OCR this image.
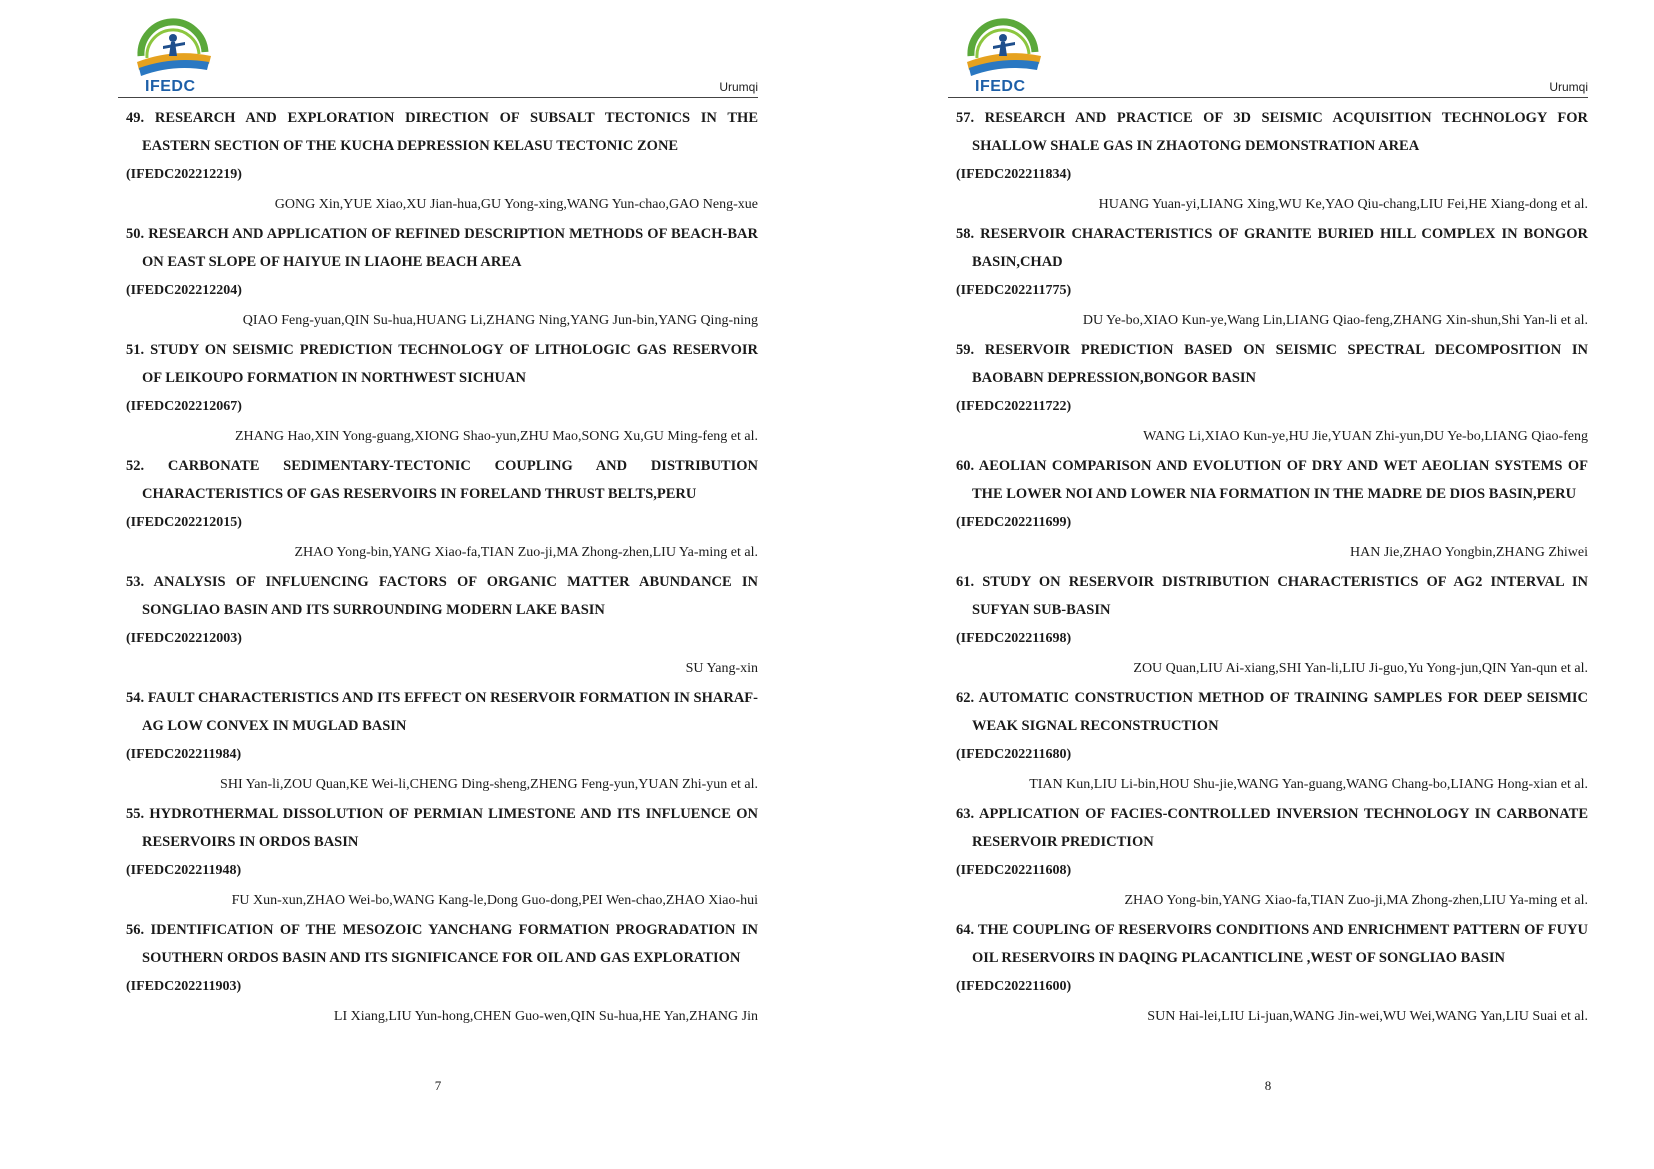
IFEDC	Urumqi
49. RESEARCH AND EXPLORATION DIRECTION OF SUBSALT TECTONICS IN THE EASTERN SECTION OF THE KUCHA DEPRESSION KELASU TECTONIC ZONE
(IFEDC202212219)
GONG Xin,YUE Xiao,XU Jian-hua,GU Yong-xing,WANG Yun-chao,GAO Neng-xue
50. RESEARCH AND APPLICATION OF REFINED DESCRIPTION METHODS OF BEACH-BAR ON EAST SLOPE OF HAIYUE IN LIAOHE BEACH AREA
(IFEDC202212204)
QIAO Feng-yuan,QIN Su-hua,HUANG Li,ZHANG Ning,YANG Jun-bin,YANG Qing-ning
51. STUDY ON SEISMIC PREDICTION TECHNOLOGY OF LITHOLOGIC GAS RESERVOIR OF LEIKOUPO FORMATION IN NORTHWEST SICHUAN
(IFEDC202212067)
ZHANG Hao,XIN Yong-guang,XIONG Shao-yun,ZHU Mao,SONG Xu,GU Ming-feng et al.
52. CARBONATE SEDIMENTARY-TECTONIC COUPLING AND DISTRIBUTION CHARACTERISTICS OF GAS RESERVOIRS IN FORELAND THRUST BELTS,PERU
(IFEDC202212015)
ZHAO Yong-bin,YANG Xiao-fa,TIAN Zuo-ji,MA Zhong-zhen,LIU Ya-ming et al.
53. ANALYSIS OF INFLUENCING FACTORS OF ORGANIC MATTER ABUNDANCE IN SONGLIAO BASIN AND ITS SURROUNDING MODERN LAKE BASIN
(IFEDC202212003)
SU Yang-xin
54. FAULT CHARACTERISTICS AND ITS EFFECT ON RESERVOIR FORMATION IN SHARAF-AG LOW CONVEX IN MUGLAD BASIN
(IFEDC202211984)
SHI Yan-li,ZOU Quan,KE Wei-li,CHENG Ding-sheng,ZHENG Feng-yun,YUAN Zhi-yun et al.
55. HYDROTHERMAL DISSOLUTION OF PERMIAN LIMESTONE AND ITS INFLUENCE ON RESERVOIRS IN ORDOS BASIN
(IFEDC202211948)
FU Xun-xun,ZHAO Wei-bo,WANG Kang-le,Dong Guo-dong,PEI Wen-chao,ZHAO Xiao-hui
56. IDENTIFICATION OF THE MESOZOIC YANCHANG FORMATION PROGRADATION IN SOUTHERN ORDOS BASIN AND ITS SIGNIFICANCE FOR OIL AND GAS EXPLORATION
(IFEDC202211903)
LI Xiang,LIU Yun-hong,CHEN Guo-wen,QIN Su-hua,HE Yan,ZHANG Jin
7
IFEDC	Urumqi
57. RESEARCH AND PRACTICE OF 3D SEISMIC ACQUISITION TECHNOLOGY FOR SHALLOW SHALE GAS IN ZHAOTONG DEMONSTRATION AREA
(IFEDC202211834)
HUANG Yuan-yi,LIANG Xing,WU Ke,YAO Qiu-chang,LIU Fei,HE Xiang-dong et al.
58. RESERVOIR CHARACTERISTICS OF GRANITE BURIED HILL COMPLEX IN BONGOR BASIN,CHAD
(IFEDC202211775)
DU Ye-bo,XIAO Kun-ye,Wang Lin,LIANG Qiao-feng,ZHANG Xin-shun,Shi Yan-li et al.
59. RESERVOIR PREDICTION BASED ON SEISMIC SPECTRAL DECOMPOSITION IN BAOBABN DEPRESSION,BONGOR BASIN
(IFEDC202211722)
WANG Li,XIAO Kun-ye,HU Jie,YUAN Zhi-yun,DU Ye-bo,LIANG Qiao-feng
60. AEOLIAN COMPARISON AND EVOLUTION OF DRY AND WET AEOLIAN SYSTEMS OF THE LOWER NOI AND LOWER NIA FORMATION IN THE MADRE DE DIOS BASIN,PERU
(IFEDC202211699)
HAN Jie,ZHAO Yongbin,ZHANG Zhiwei
61. STUDY ON RESERVOIR DISTRIBUTION CHARACTERISTICS OF AG2 INTERVAL IN SUFYAN SUB-BASIN
(IFEDC202211698)
ZOU Quan,LIU Ai-xiang,SHI Yan-li,LIU Ji-guo,Yu Yong-jun,QIN Yan-qun et al.
62. AUTOMATIC CONSTRUCTION METHOD OF TRAINING SAMPLES FOR DEEP SEISMIC WEAK SIGNAL RECONSTRUCTION
(IFEDC202211680)
TIAN Kun,LIU Li-bin,HOU Shu-jie,WANG Yan-guang,WANG Chang-bo,LIANG Hong-xian et al.
63. APPLICATION OF FACIES-CONTROLLED INVERSION TECHNOLOGY IN CARBONATE RESERVOIR PREDICTION
(IFEDC202211608)
ZHAO Yong-bin,YANG Xiao-fa,TIAN Zuo-ji,MA Zhong-zhen,LIU Ya-ming et al.
64. THE COUPLING OF RESERVOIRS CONDITIONS AND ENRICHMENT PATTERN OF FUYU OIL RESERVOIRS IN DAQING PLACANTICLINE ,WEST OF SONGLIAO BASIN
(IFEDC202211600)
SUN Hai-lei,LIU Li-juan,WANG Jin-wei,WU Wei,WANG Yan,LIU Suai et al.
8
